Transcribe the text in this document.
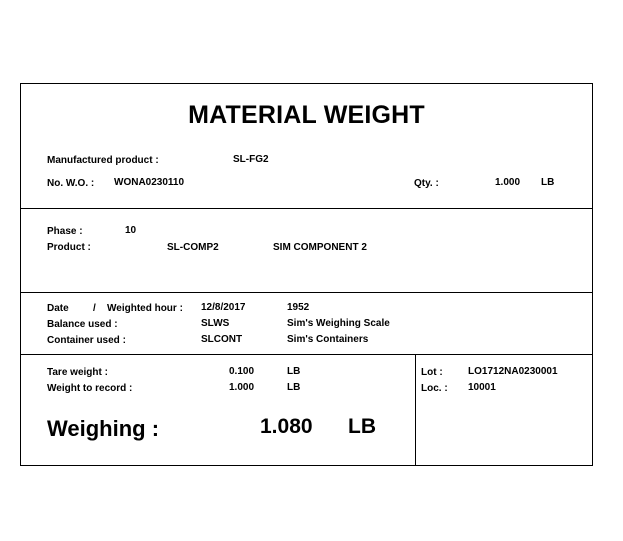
MATERIAL WEIGHT
Manufactured product :	SL-FG2
No. W.O. : WONA0230110	Qty. :	1.000 LB
Phase :	10
Product :	SL-COMP2	SIM COMPONENT 2
Date / Weighted hour : 12/8/2017	1952
Balance used :	SLWS	Sim's Weighing Scale
Container used :	SLCONT	Sim's Containers
Tare weight :	0.100	LB
Weight to record :	1.000	LB
Weighing :	1.080 LB
Lot :	LO1712NA0230001
Loc. : 10001
